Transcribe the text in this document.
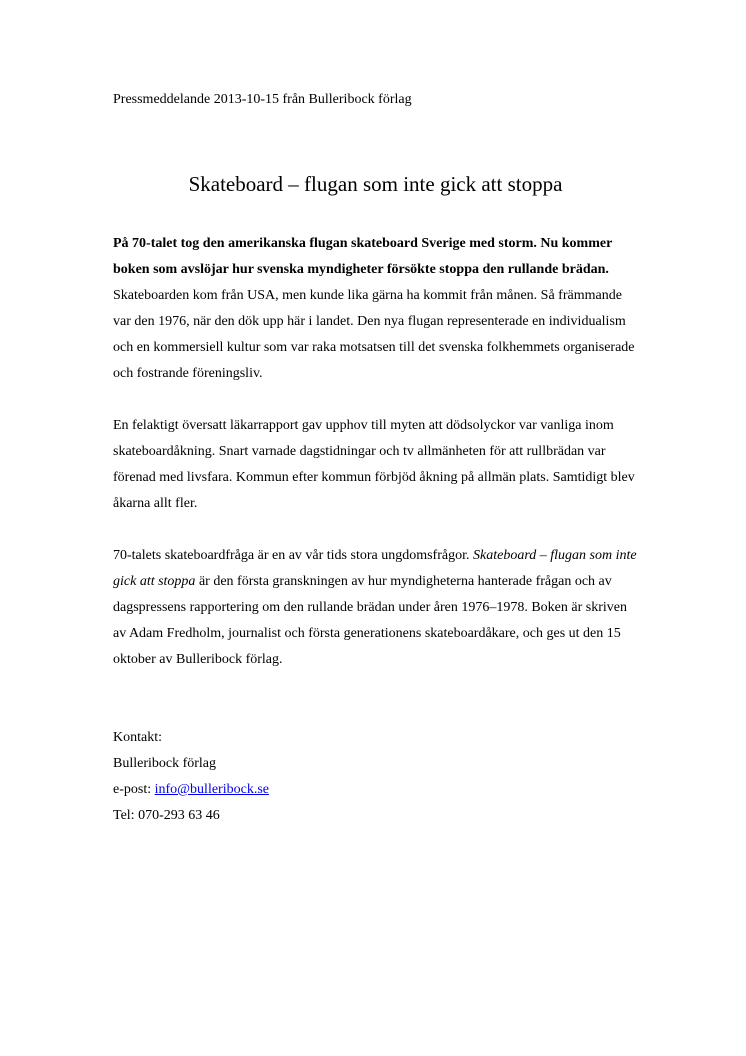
Pressmeddelande 2013-10-15 från Bulleribock förlag
Skateboard – flugan som inte gick att stoppa

På 70-talet tog den amerikanska flugan skateboard Sverige med storm. Nu kommer boken som avslöjar hur svenska myndigheter försökte stoppa den rullande brädan.

Skateboarden kom från USA, men kunde lika gärna ha kommit från månen. Så främmande var den 1976, när den dök upp här i landet. Den nya flugan representerade en individualism och en kommersiell kultur som var raka motsatsen till det svenska folkhemmets organiserade och fostrande föreningsliv.

En felaktigt översatt läkarrapport gav upphov till myten att dödsolyckor var vanliga inom skateboardåkning. Snart varnade dagstidningar och tv allmänheten för att rullbrädan var förenad med livsfara. Kommun efter kommun förbjöd åkning på allmän plats. Samtidigt blev åkarna allt fler.

70-talets skateboardfråga är en av vår tids stora ungdomsfrågor. Skateboard – flugan som inte gick att stoppa är den första granskningen av hur myndigheterna hanterade frågan och av dagspressens rapportering om den rullande brädan under åren 1976–1978. Boken är skriven av Adam Fredholm, journalist och första generationens skateboardåkare, och ges ut den 15 oktober av Bulleribock förlag.

Kontakt:

Bulleribock förlag

e-post: info@bulleribock.se

Tel: 070-293 63 46
